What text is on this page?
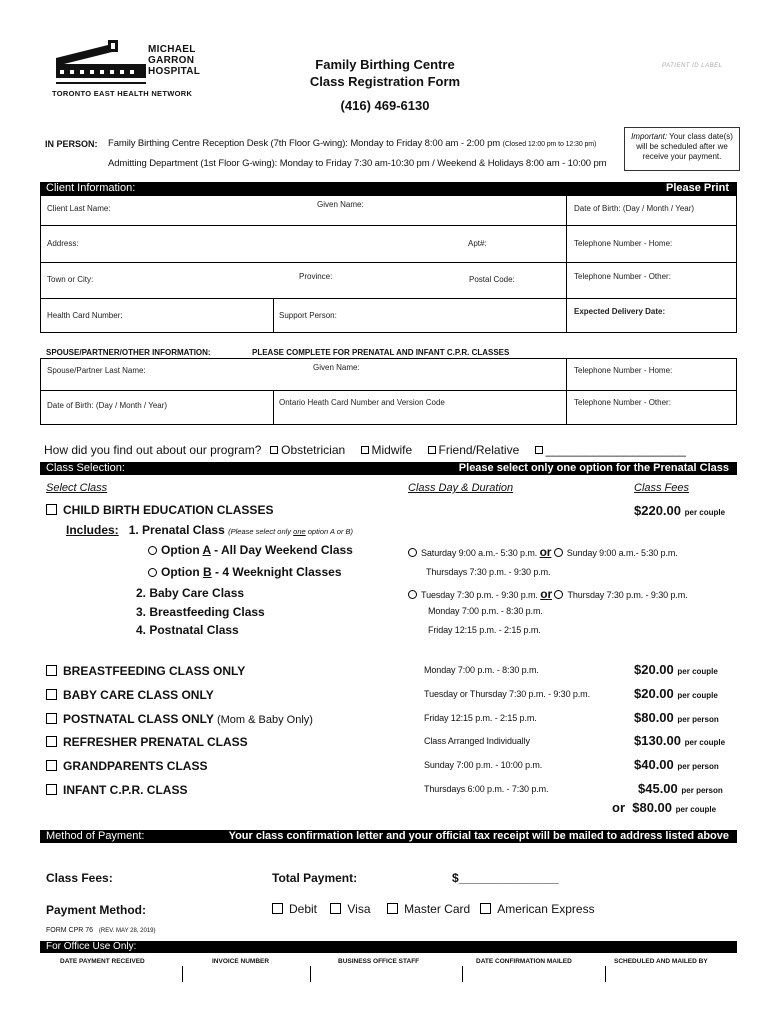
MICHAEL
GARRON
HOSPITAL
TORONTO EAST HEALTH NETWORK
Family Birthing Centre
Class Registration Form
(416) 469-6130
PATIENT ID LABEL
IN PERSON: Family Birthing Centre Reception Desk (7th Floor G-wing): Monday to Friday 8:00 am - 2:00 pm (Closed 12:00 pm to 12:30 pm)
Admitting Department (1st Floor G-wing): Monday to Friday 7:30 am-10:30 pm / Weekend & Holidays 8:00 am - 10:00 pm
Important: Your class date(s) will be scheduled after we receive your payment.
Client Information:	Please Print
Client Last Name:	Given Name:	Date of Birth: (Day / Month / Year)
Address:	Apt#:	Telephone Number - Home:
Town or City:	Province:	Postal Code:	Telephone Number - Other:
Health Card Number:	Support Person:	Expected Delivery Date:
SPOUSE/PARTNER/OTHER INFORMATION:	PLEASE COMPLETE FOR PRENATAL AND INFANT C.P.R. CLASSES
Spouse/Partner Last Name:	Given Name:	Telephone Number - Home:
Date of Birth: (Day / Month / Year)	Ontario Heath Card Number and Version Code	Telephone Number - Other:
How did you find out about our program? Obstetrician Midwife Friend/Relative _____________________
Class Selection:	Please select only one option for the Prenatal Class
Select Class	Class Day & Duration	Class Fees
CHILD BIRTH EDUCATION CLASSES	$220.00 per couple
Includes: 1. Prenatal Class (Please select only one option A or B)
Option A - All Day Weekend Class
Option B - 4 Weeknight Classes
Saturday 9:00 a.m.- 5:30 p.m. or Sunday 9:00 a.m.- 5:30 p.m.
Thursdays 7:30 p.m. - 9:30 p.m.
2. Baby Care Class
3. Breastfeeding Class
4. Postnatal Class
Tuesday 7:30 p.m. - 9:30 p.m. or Thursday 7:30 p.m. - 9:30 p.m.
Monday 7:00 p.m. - 8:30 p.m.
Friday 12:15 p.m. - 2:15 p.m.
BREASTFEEDING CLASS ONLY	Monday 7:00 p.m. - 8:30 p.m.	$20.00 per couple
BABY CARE CLASS ONLY	Tuesday or Thursday 7:30 p.m. - 9:30 p.m.	$20.00 per couple
POSTNATAL CLASS ONLY (Mom & Baby Only)	Friday 12:15 p.m. - 2:15 p.m.	$80.00 per person
REFRESHER PRENATAL CLASS	Class Arranged Individually	$130.00 per couple
GRANDPARENTS CLASS	Sunday 7:00 p.m. - 10:00 p.m.	$40.00 per person
INFANT C.P.R. CLASS	Thursdays 6:00 p.m. - 7:30 p.m.	$45.00 per person
or $80.00 per couple
Method of Payment:	Your class confirmation letter and your official tax receipt will be mailed to address listed above
Class Fees:	Total Payment:	$_______________
Payment Method:	Debit	Visa	Master Card American Express
FORM CPR 76 (REV. MAY 28, 2019)
For Office Use Only:
DATE PAYMENT RECEIVED	INVOICE NUMBER	BUSINESS OFFICE STAFF	DATE CONFIRMATION MAILED	SCHEDULED AND MAILED BY
